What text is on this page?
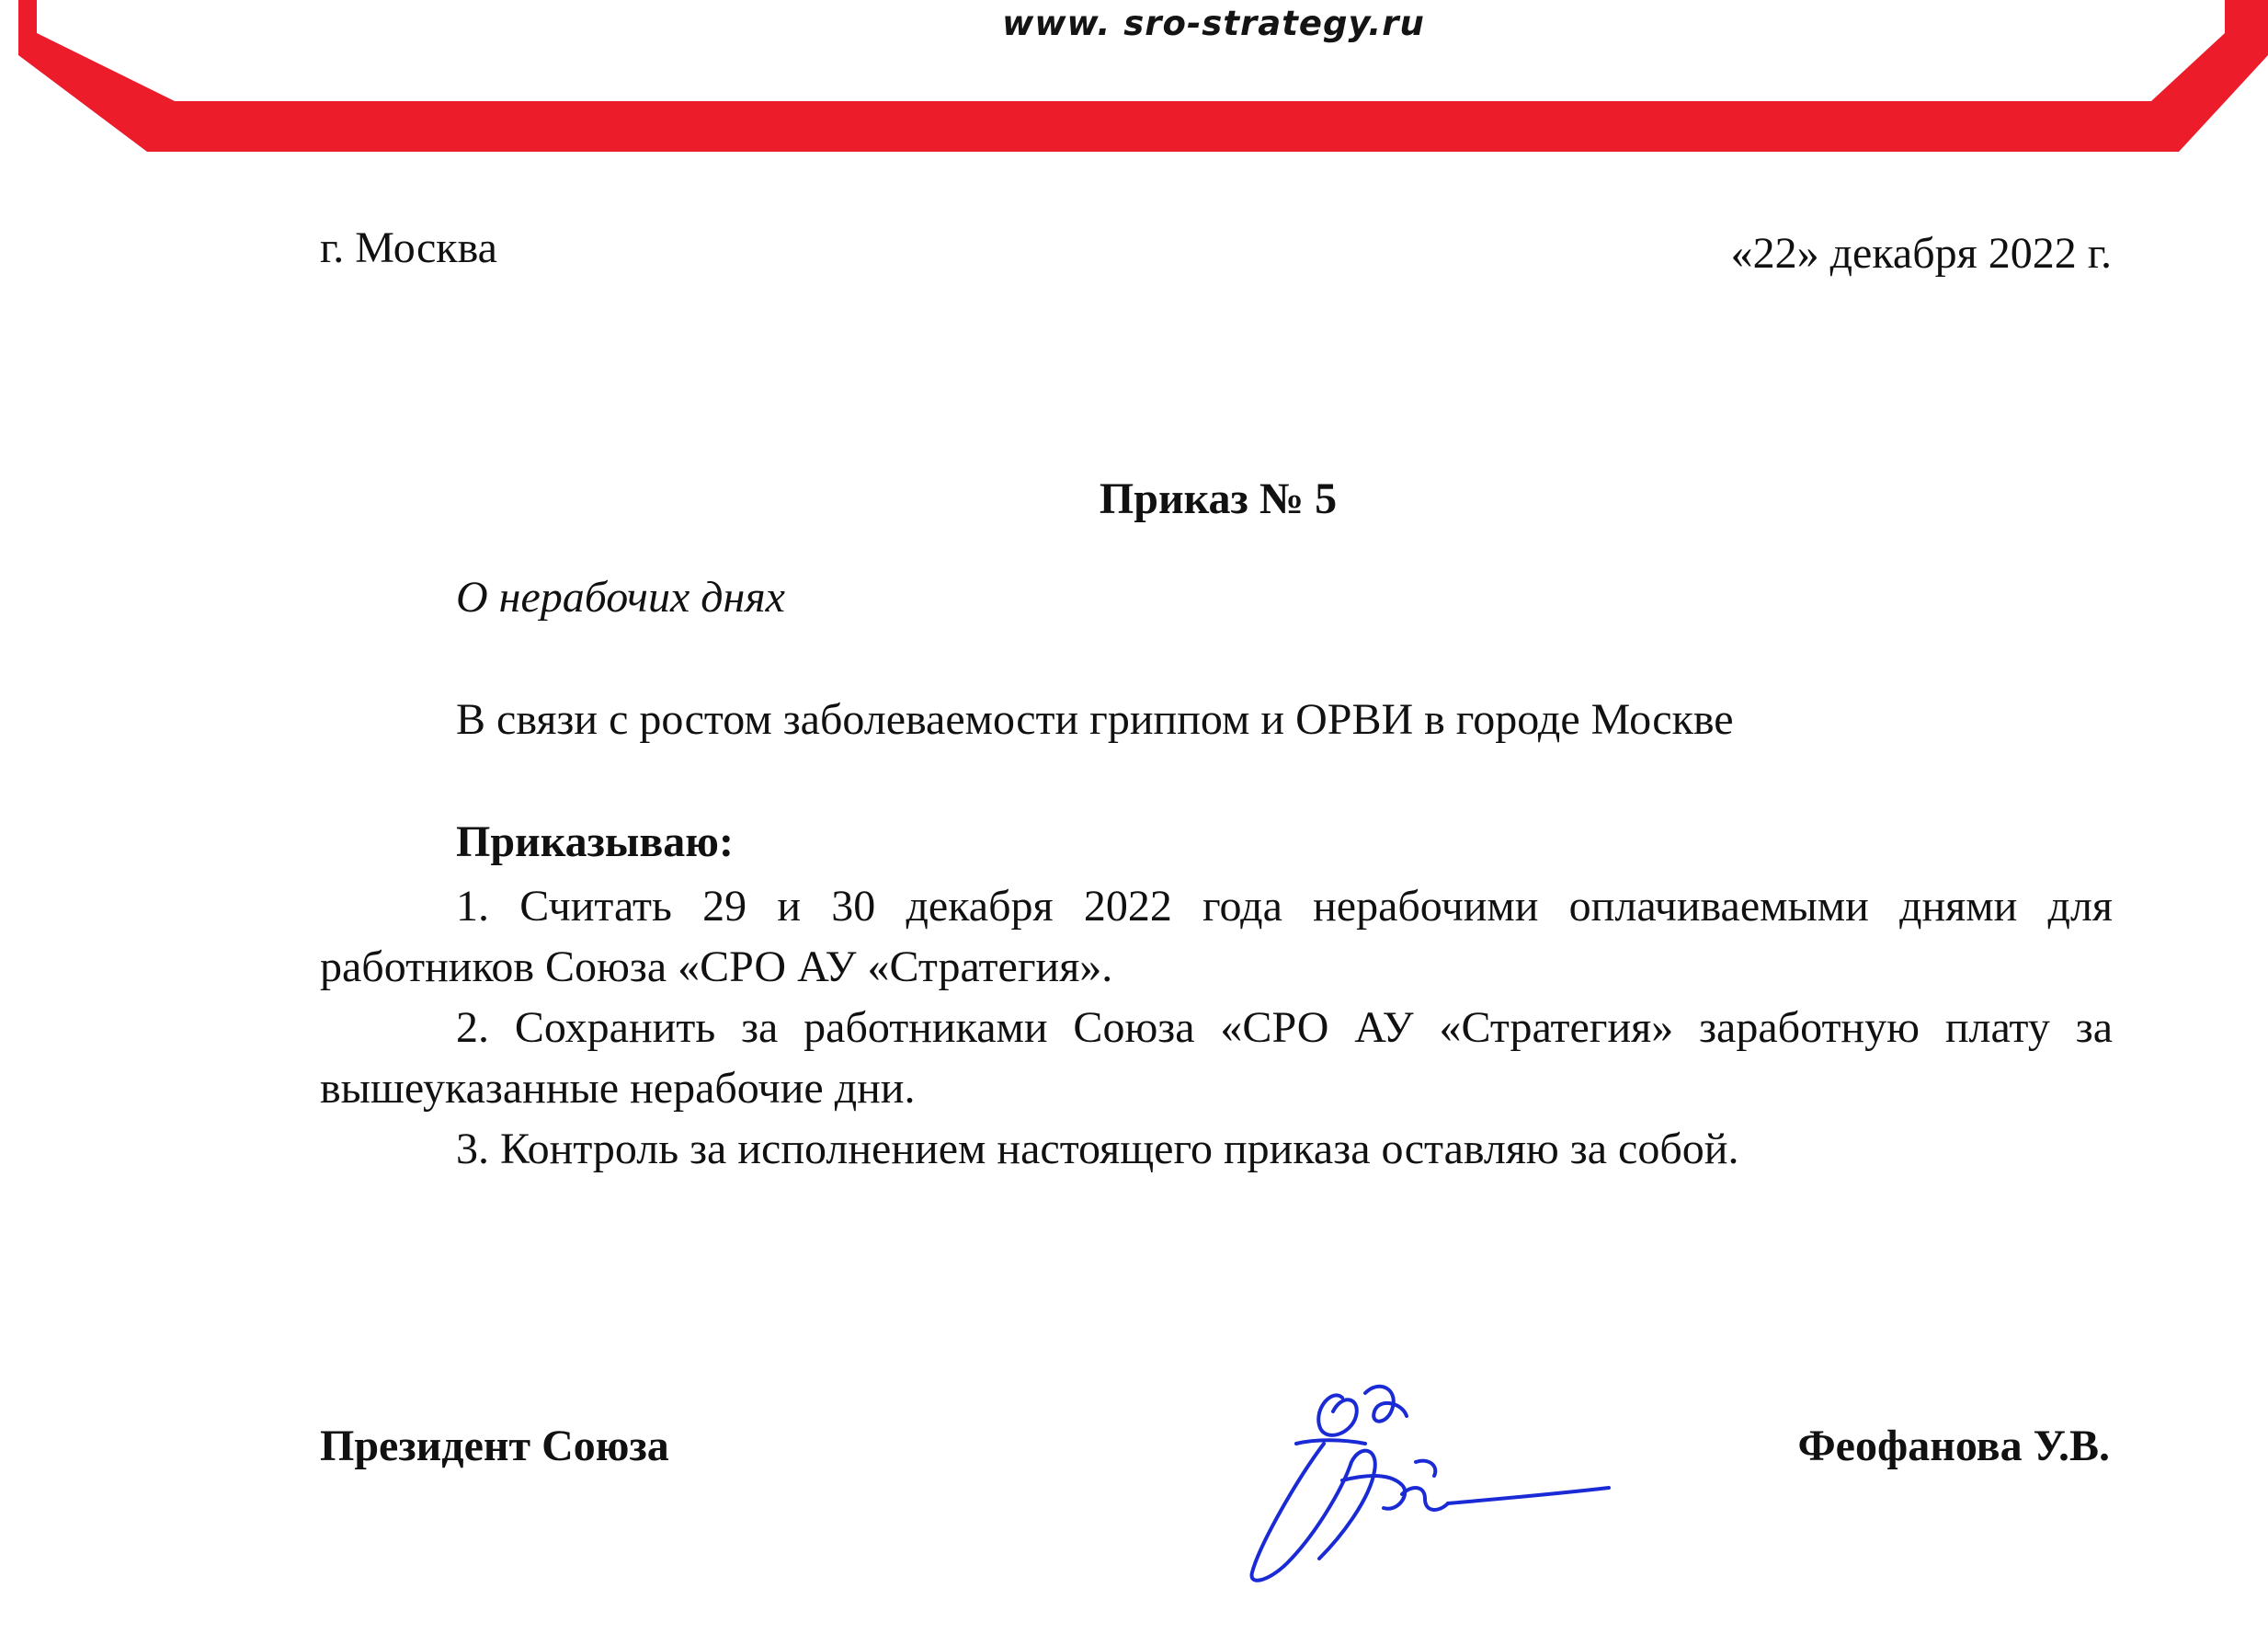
www. sro-strategy.ru
г. Москва	«22» декабря 2022 г.
Приказ № 5
О нерабочих днях
В связи с ростом заболеваемости гриппом и ОРВИ в городе Москве
Приказываю:

1. Считать 29 и 30 декабря 2022 года нерабочими оплачиваемыми днями для работников Союза «СРО АУ «Стратегия».

2. Сохранить за работниками Союза «СРО АУ «Стратегия» заработную плату за вышеуказанные нерабочие дни.

3. Контроль за исполнением настоящего приказа оставляю за собой.

Президент Союза	Феофанова У.В.
